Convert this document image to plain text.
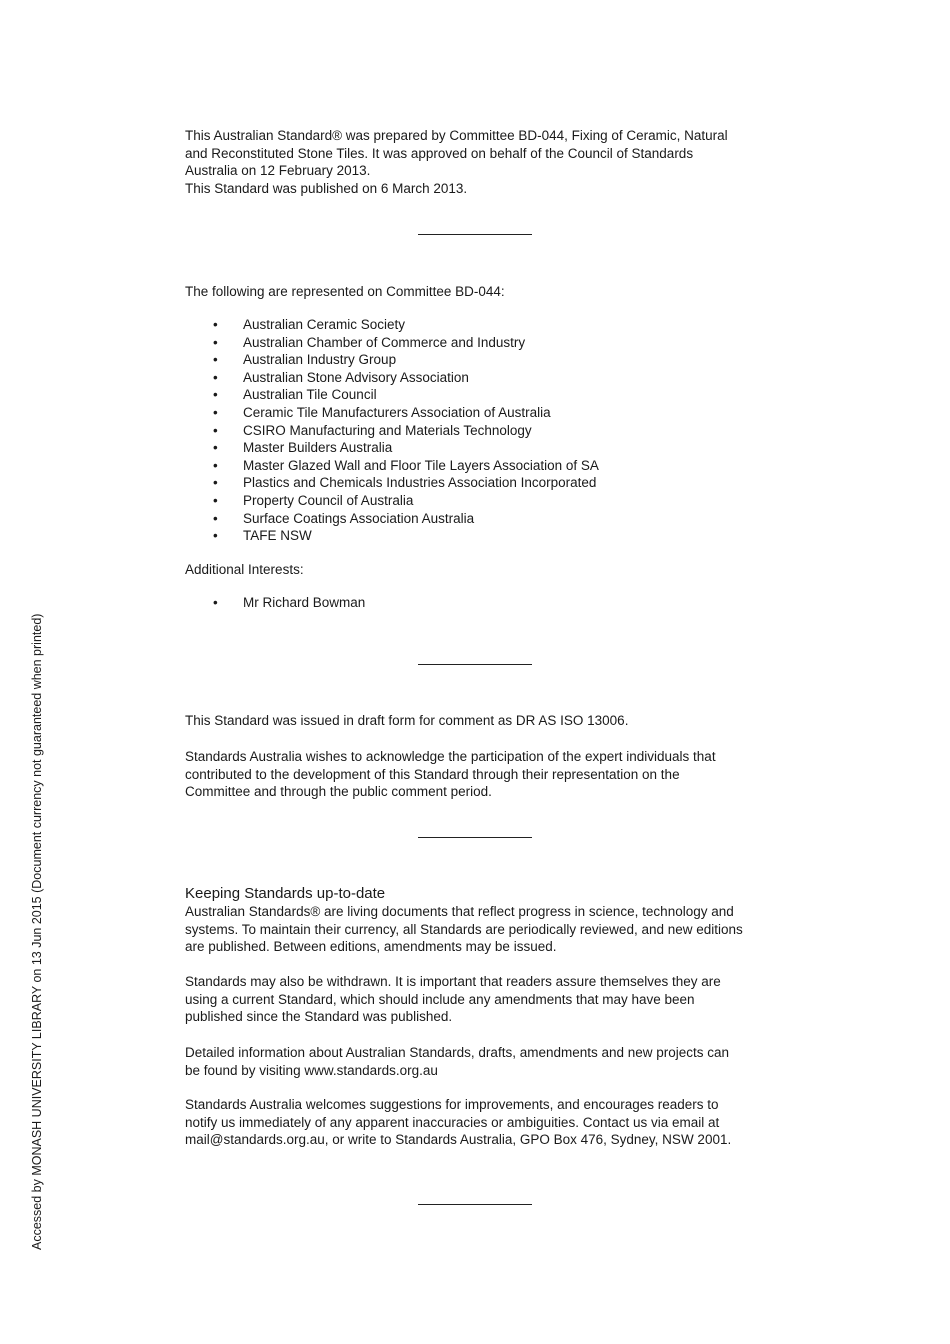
This Australian Standard® was prepared by Committee BD-044, Fixing of Ceramic, Natural
and Reconstituted Stone Tiles. It was approved on behalf of the Council of Standards
Australia on 12 February 2013.
This Standard was published on 6 March 2013.

The following are represented on Committee BD-044:

• Australian Ceramic Society
• Australian Chamber of Commerce and Industry
• Australian Industry Group
• Australian Stone Advisory Association
• Australian Tile Council
• Ceramic Tile Manufacturers Association of Australia
• CSIRO Manufacturing and Materials Technology
• Master Builders Australia
• Master Glazed Wall and Floor Tile Layers Association of SA
• Plastics and Chemicals Industries Association Incorporated
• Property Council of Australia
• Surface Coatings Association Australia
• TAFE NSW

Additional Interests:

• Mr Richard Bowman

This Standard was issued in draft form for comment as DR AS ISO 13006.

Standards Australia wishes to acknowledge the participation of the expert individuals that
contributed to the development of this Standard through their representation on the
Committee and through the public comment period.

Keeping Standards up-to-date

Australian Standards® are living documents that reflect progress in science, technology and
systems. To maintain their currency, all Standards are periodically reviewed, and new editions
are published. Between editions, amendments may be issued.

Standards may also be withdrawn. It is important that readers assure themselves they are
using a current Standard, which should include any amendments that may have been
published since the Standard was published.

Detailed information about Australian Standards, drafts, amendments and new projects can
be found by visiting www.standards.org.au

Standards Australia welcomes suggestions for improvements, and encourages readers to
notify us immediately of any apparent inaccuracies or ambiguities. Contact us via email at
mail@standards.org.au, or write to Standards Australia, GPO Box 476, Sydney, NSW 2001.

Accessed by MONASH UNIVERSITY LIBRARY on 13 Jun 2015 (Document currency not guaranteed when printed)
